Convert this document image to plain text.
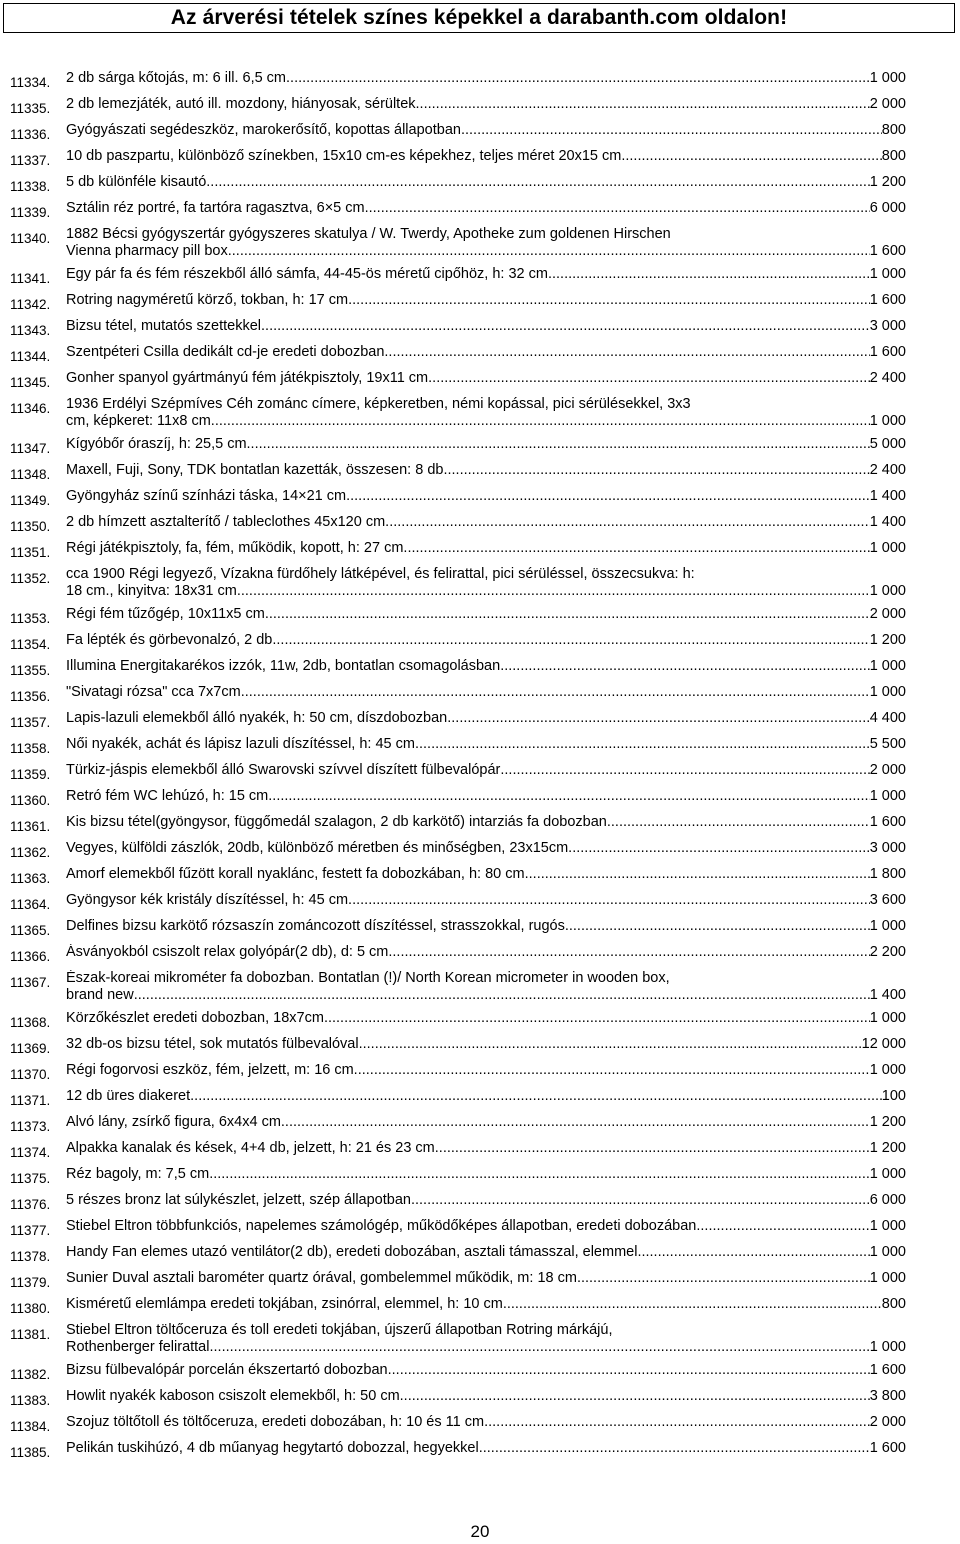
Az árverési tételek színes képekkel a darabanth.com oldalon!
11334.	2 db sárga kőtojás, m: 6 ill. 6,5 cm .....	1 000
11335.	2 db lemezjáték, autó ill. mozdony, hiányosak, sérültek .....	2 000
11336.	Gyógyászati segédeszköz, marokerősítő, kopottas állapotban. .....	800
11337.	10 db paszpartu, különböző színekben, 15x10 cm-es képekhez, teljes méret 20x15 cm .....	800
11338.	5 db különféle kisautó .....	1 200
11339.	Sztálin réz portré, fa tartóra ragasztva, 6×5 cm .....	6 000
11340.	1882 Bécsi gyógyszertár gyógyszeres skatulya / W. Twerdy, Apotheke zum goldenen Hirschen
Vienna pharmacy pill box .....	1 600
11341.	Egy pár fa és fém részekből álló sámfa, 44-45-ös méretű cipőhöz, h: 32 cm .....	1 000
11342.	Rotring nagyméretű körző, tokban, h: 17 cm .....	1 600
11343.	Bizsu tétel, mutatós szettekkel .....	3 000
11344.	Szentpéteri Csilla dedikált cd-je eredeti dobozban .....	1 600
11345.	Gonher spanyol gyártmányú fém játékpisztoly, 19x11 cm .....	2 400
11346.	1936 Erdélyi Szépmíves Céh zománc címere, képkeretben, némi kopással, pici sérülésekkel, 3x3
cm, képkeret: 11x8 cm. .....	1 000
11347.	Kígyóbőr óraszíj, h: 25,5 cm .....	5 000
11348.	Maxell, Fuji, Sony, TDK bontatlan kazetták, összesen: 8 db .....	2 400
11349.	Gyöngyház színű színházi táska, 14×21 cm .....	1 400
11350.	2 db hímzett asztalterítő / tableclothes 45x120 cm .....	1 400
11351.	Régi játékpisztoly, fa, fém, működik, kopott, h: 27 cm. .....	1 000
11352.	cca 1900 Régi legyező, Vízakna fürdőhely látképével, és felirattal, pici sérüléssel, összecsukva: h:
18 cm., kinyitva: 18x31 cm. .....	1 000
11353.	Régi fém tűzőgép, 10x11x5 cm .....	2 000
11354.	Fa lépték és görbevonalzó, 2 db .....	1 200
11355.	Illumina Energitakarékos izzók, 11w, 2db, bontatlan csomagolásban .....	1 000
11356.	"Sivatagi rózsa" cca 7x7cm .....	1 000
11357.	Lapis-lazuli elemekből álló nyakék, h: 50 cm, díszdobozban .....	4 400
11358.	Női nyakék, achát és lápisz lazuli díszítéssel, h: 45 cm .....	5 500
11359.	Türkiz-jáspis elemekből álló Swarovski szívvel díszített fülbevalópár .....	2 000
11360.	Retró fém WC lehúzó, h: 15 cm .....	1 000
11361.	Kis bizsu tétel(gyöngysor, függőmedál szalagon, 2 db karkötő) intarziás fa dobozban .....	1 600
11362.	Vegyes, külföldi zászlók, 20db, különböző méretben és minőségben, 23x15cm .....	3 000
11363.	Amorf elemekből fűzött korall nyaklánc, festett fa dobozkában, h: 80 cm .....	1 800
11364.	Gyöngysor kék kristály díszítéssel, h: 45 cm .....	3 600
11365.	Delfines bizsu karkötő rózsaszín zománcozott díszítéssel, strasszokkal, rugós .....	1 000
11366.	Ásványokból csiszolt relax golyópár(2 db), d: 5 cm .....	2 200
11367.	Észak-koreai mikrométer fa dobozban. Bontatlan (!)/ North Korean micrometer in wooden box,
brand new .....	1 400
11368.	Körzőkészlet eredeti dobozban, 18x7cm .....	1 000
11369.	32 db-os bizsu tétel, sok mutatós fülbevalóval .....	12 000
11370.	Régi fogorvosi eszköz, fém, jelzett, m: 16 cm. .....	1 000
11371.	12 db üres diakeret .....	100
11373.	Alvó lány, zsírkő figura, 6x4x4 cm .....	1 200
11374.	Alpakka kanalak és kések, 4+4 db, jelzett, h: 21 és 23 cm .....	1 200
11375.	Réz bagoly, m: 7,5 cm .....	1 000
11376.	5 részes bronz lat súlykészlet, jelzett, szép állapotban .....	6 000
11377.	Stiebel Eltron többfunkciós, napelemes számológép, működőképes állapotban, eredeti dobozában .....	1 000
11378.	Handy Fan elemes utazó ventilátor(2 db), eredeti dobozában, asztali támasszal, elemmel .....	1 000
11379.	Sunier Duval asztali barométer quartz órával, gombelemmel működik, m: 18 cm .....	1 000
11380.	Kisméretű elemlámpa eredeti tokjában, zsinórral, elemmel, h: 10 cm .....	800
11381.	Stiebel Eltron töltőceruza és toll eredeti tokjában, újszerű állapotban Rotring márkájú,
Rothenberger felirattal .....	1 000
11382.	Bizsu fülbevalópár porcelán ékszertartó dobozban .....	1 600
11383.	Howlit nyakék kaboson csiszolt elemekből, h: 50 cm .....	3 800
11384.	Szojuz töltőtoll és töltőceruza, eredeti dobozában, h: 10 és 11 cm .....	2 000
11385.	Pelikán tuskihúzó, 4 db műanyag hegytartó dobozzal, hegyekkel .....	1 600
20
